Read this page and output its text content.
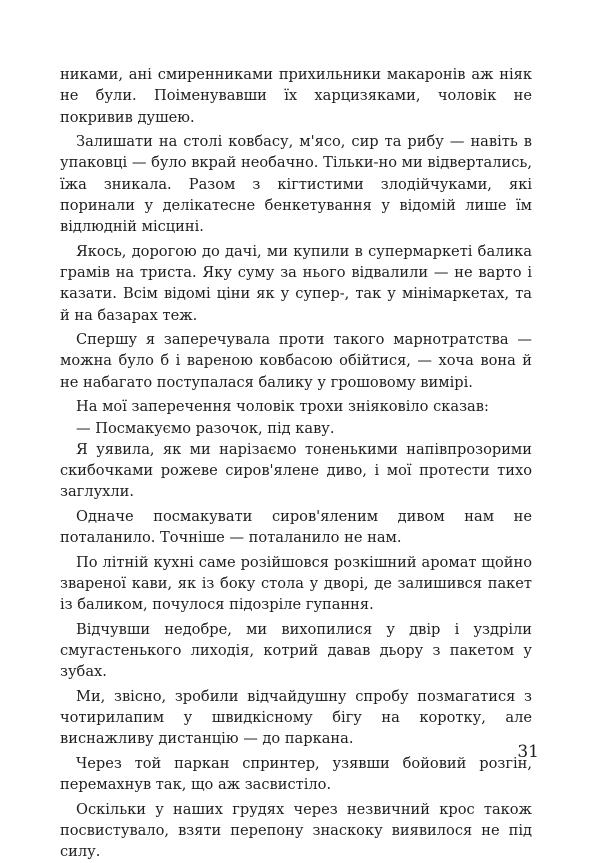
никами, ані смиренниками прихильники макаронів аж ніяк не були. Поіменувавши їх харцизяками, чоловік не покривив душею.

Залишати на столі ковбасу, м'ясо, сир та рибу — навіть в упаковці — було вкрай необачно. Тільки-но ми відвертались, їжа зникала. Разом з кігтистими злодійчуками, які поринали у делікатесне бенкетування у відомій лише їм відлюдній місцині.

Якось, дорогою до дачі, ми купили в супермаркеті балика грамів на триста. Яку суму за нього відвалили — не варто і казати. Всім відомі ціни як у супер-, так у мінімаркетах, та й на базарах теж.

Спершу я заперечувала проти такого марнотратства — можна було б і вареною ковбасою обійтися, — хоча вона й не набагато поступалася балику у грошовому вимірі.

На мої заперечення чоловік трохи зніяковіло сказав:

— Посмакуємо разочок, під каву.

Я уявила, як ми нарізаємо тоненькими напівпрозорими скибочками рожеве сиров'ялене диво, і мої протести тихо заглухли.

Одначе посмакувати сиров'яленим дивом нам не поталанило. Точніше — поталанило не нам.

По літній кухні саме розійшовся розкішний аромат щойно звареної кави, як із боку стола у дворі, де залишився пакет із баликом, почулося підозріле гупання.

Відчувши недобре, ми вихопилися у двір і уздріли смугастенького лиходія, котрий давав дьору з пакетом у зубах.

Ми, звісно, зробили відчайдушну спробу позмагатися з чотирилапим у швидкісному бігу на коротку, але виснажливу дистанцію — до паркана.

Через той паркан спринтер, узявши бойовий розгін, перемахнув так, що аж засвистіло.

Оскільки у наших грудях через незвичний крос також посвистувало, взяти перепону знаскоку виявилося не під силу.

31
